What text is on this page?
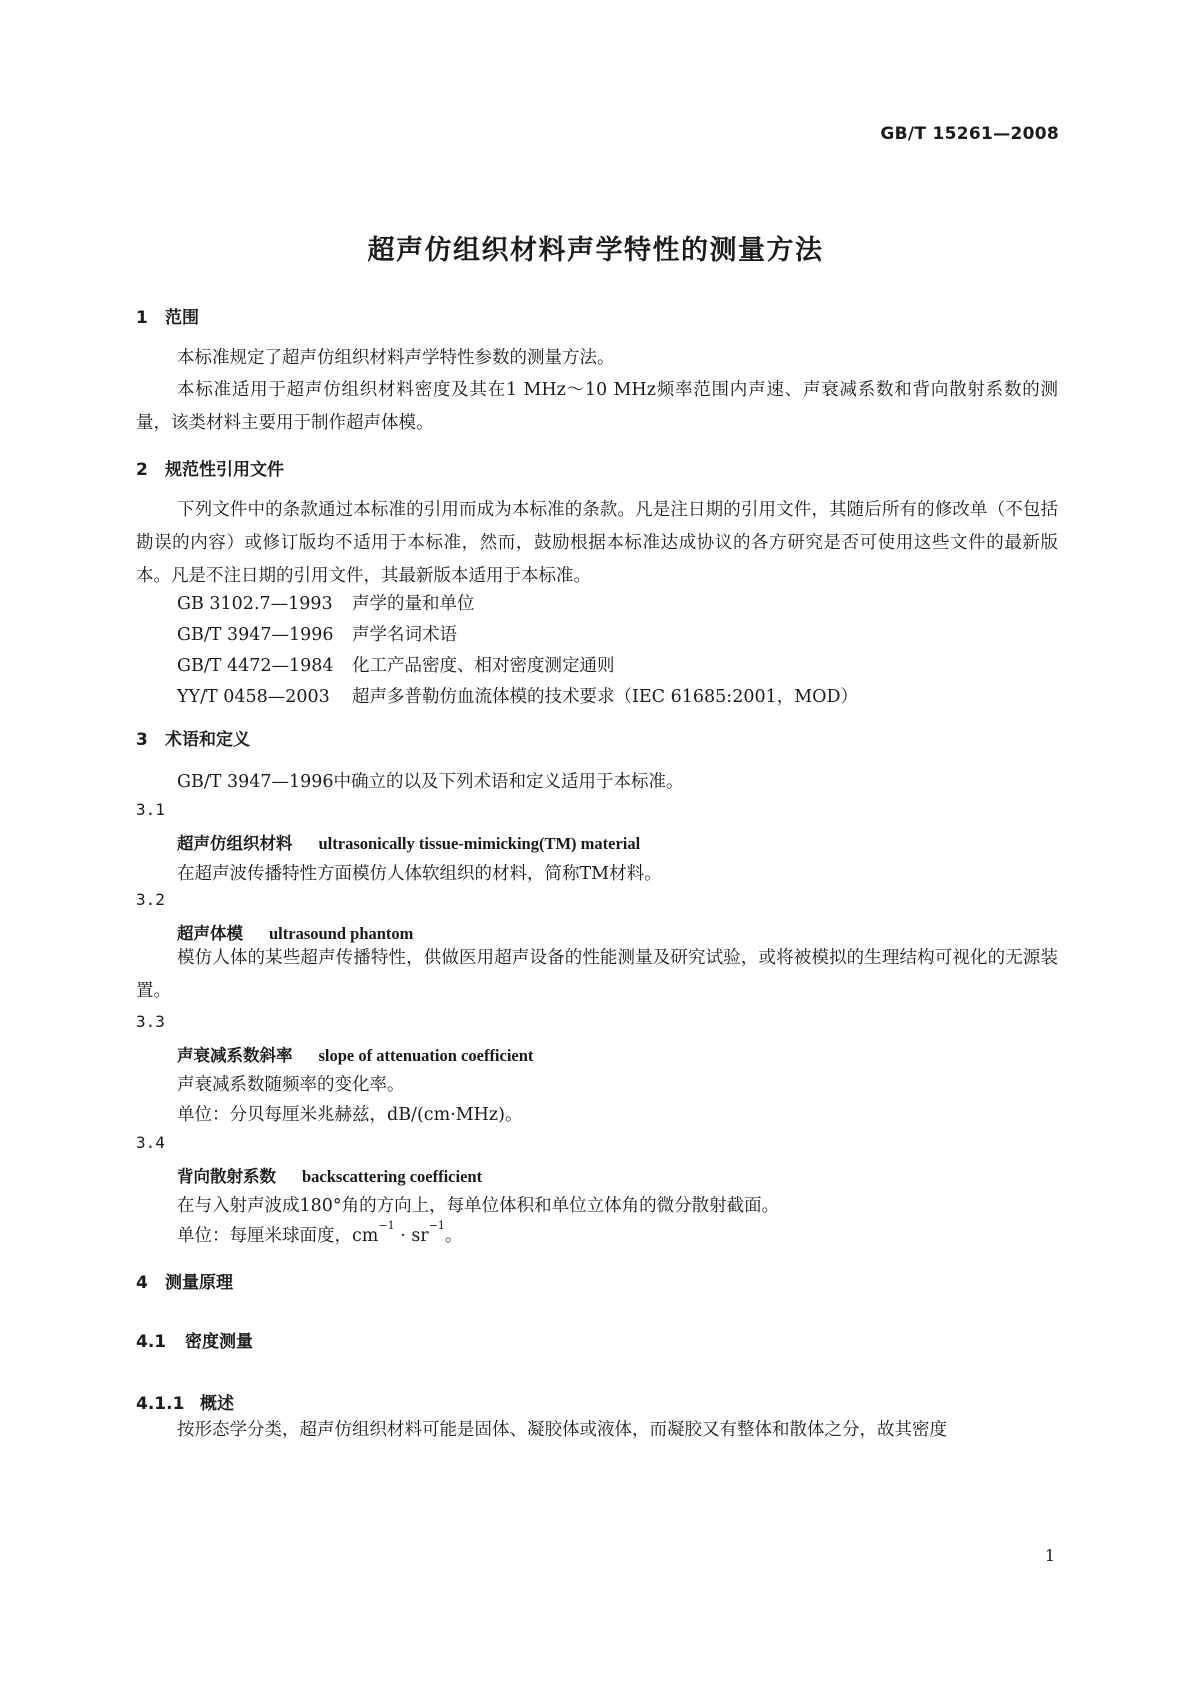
GB/T 15261—2008
超声仿组织材料声学特性的测量方法
1 范围
本标准规定了超声仿组织材料声学特性参数的测量方法。
本标准适用于超声仿组织材料密度及其在1 MHz～10 MHz频率范围内声速、声衰减系数和背向散射系数的测量，该类材料主要用于制作超声体模。
2 规范性引用文件
下列文件中的条款通过本标准的引用而成为本标准的条款。凡是注日期的引用文件，其随后所有的修改单（不包括勘误的内容）或修订版均不适用于本标准，然而，鼓励根据本标准达成协议的各方研究是否可使用这些文件的最新版本。凡是不注日期的引用文件，其最新版本适用于本标准。
GB 3102.7—1993 声学的量和单位
GB/T 3947—1996 声学名词术语
GB/T 4472—1984 化工产品密度、相对密度测定通则
YY/T 0458—2003 超声多普勒仿血流体模的技术要求（IEC 61685:2001，MOD）
3 术语和定义
GB/T 3947—1996中确立的以及下列术语和定义适用于本标准。
3.1
超声仿组织材料 ultrasonically tissue-mimicking(TM) material
在超声波传播特性方面模仿人体软组织的材料，简称TM材料。
3.2
超声体模 ultrasound phantom
模仿人体的某些超声传播特性，供做医用超声设备的性能测量及研究试验，或将被模拟的生理结构可视化的无源装置。
3.3
声衰减系数斜率 slope of attenuation coefficient
声衰减系数随频率的变化率。
单位：分贝每厘米兆赫兹，dB/(cm·MHz)。
3.4
背向散射系数 backscattering coefficient
在与入射声波成180°角的方向上，每单位体积和单位立体角的微分散射截面。
单位：每厘米球面度，$cm^{-1} \cdot sr^{-1}$。
4 测量原理
4.1 密度测量
4.1.1 概述
按形态学分类，超声仿组织材料可能是固体、凝胶体或液体，而凝胶又有整体和散体之分，故其密度
1
